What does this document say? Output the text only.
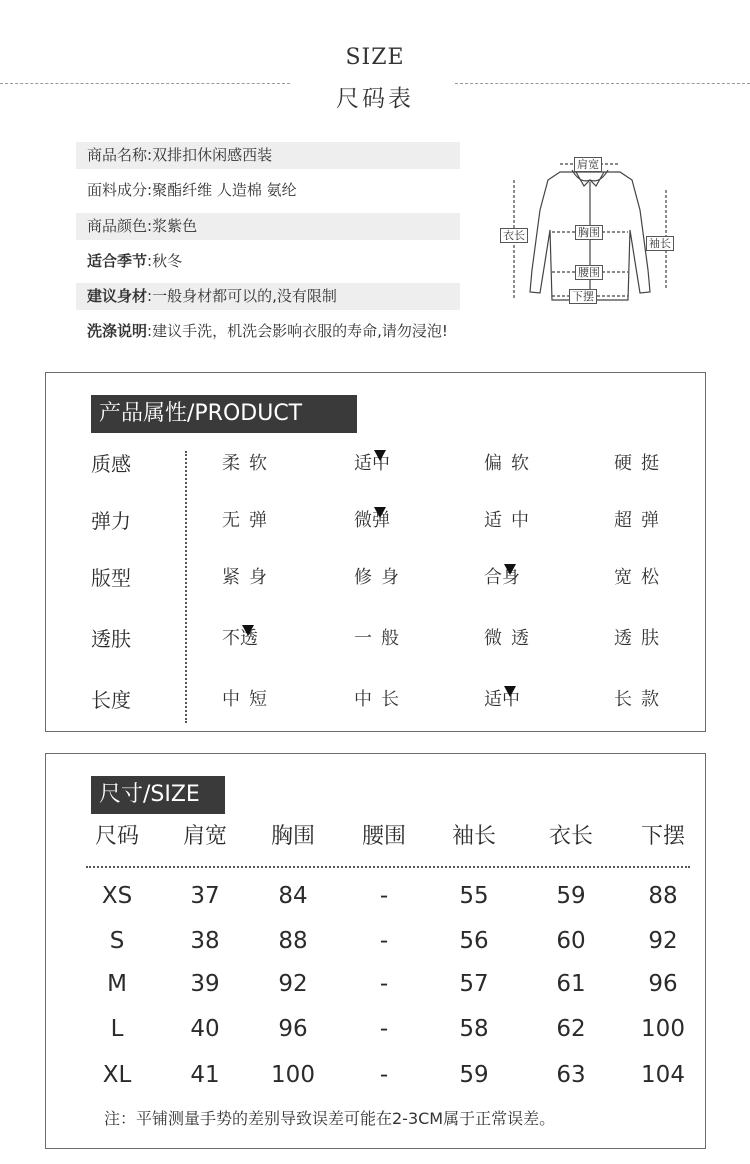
SIZE
尺码表
商品名称:双排扣休闲感西装
面料成分:聚酯纤维 人造棉 氨纶
商品颜色:浆紫色
适合季节:秋冬
建议身材:一般身材都可以的,没有限制
洗涤说明:建议手洗，机洗会影响衣服的寿命,请勿浸泡!
肩宽
衣长	胸围
袖长
腰围
下摆
产品属性/PRODUCT
质感	柔软	适中	偏软	硬挺
弹力	无弹	微弹	适中	超弹
版型	紧身	修身	合身	宽松
透肤	不透	一般	微透	透肤
长度	中短	中长	适中	长款
尺寸/SIZE
尺码	肩宽	胸围	腰围	袖长	衣长	下摆
XS	37	84	-	55	59	88
S	38	88	-	56	60	92
M	39	92	-	57	61	96
L	40	96	-	58	62	100
XL	41	100	-	59	63	104
注：平铺测量手势的差别导致误差可能在2-3CM属于正常误差。
